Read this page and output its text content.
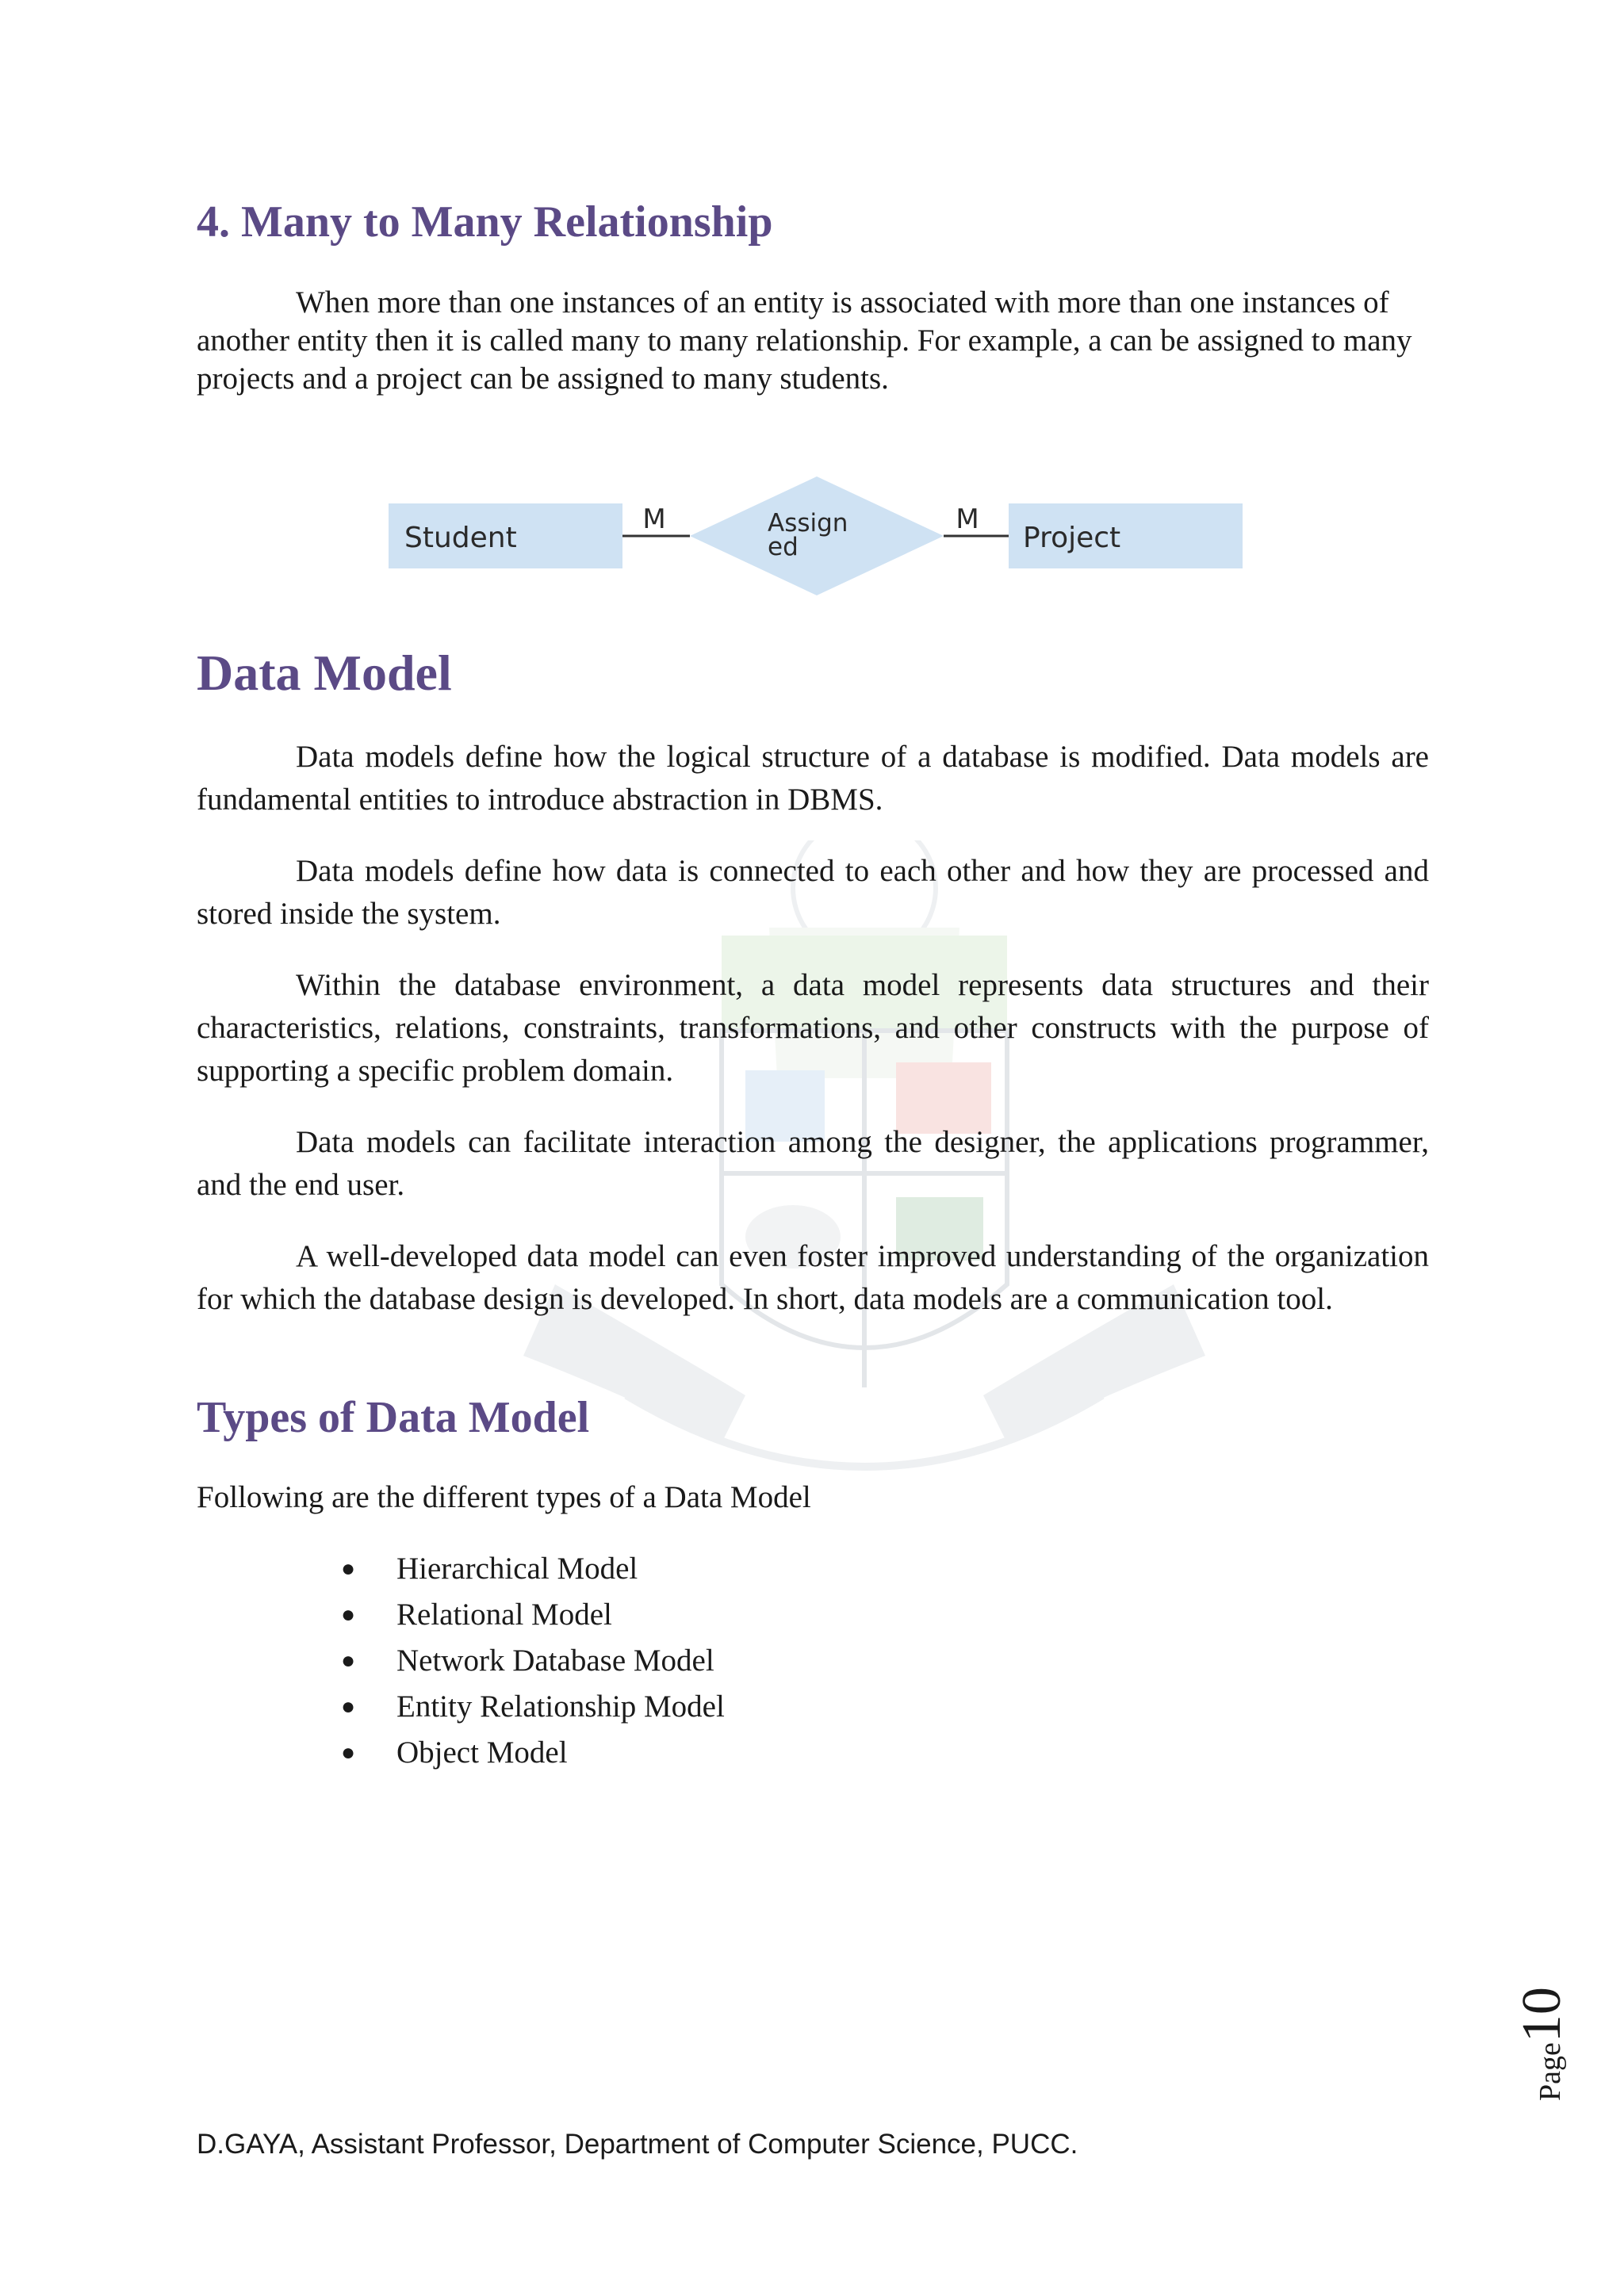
4. Many to Many Relationship

When more than one instances of an entity is associated with more than one instances of another entity then it is called many to many relationship. For example, a can be assigned to many projects and a project can be assigned to many students.

Student
M	Assign
ed
M
Project
Data Model

Data models define how the logical structure of a database is modified. Data models are fundamental entities to introduce abstraction in DBMS.

Data models define how data is connected to each other and how they are processed and stored inside the system.

Within the database environment, a data model represents data structures and their characteristics, relations, constraints, transformations, and other constructs with the purpose of supporting a specific problem domain.

Data models can facilitate interaction among the designer, the applications programmer, and the end user.

A well-developed data model can even foster improved understanding of the organization for which the database design is developed. In short, data models are a communication tool.

Types of Data Model

Following are the different types of a Data Model

●	Hierarchical Model
●	Relational Model
●	Network Database Model
●	Entity Relationship Model
●	Object Model
Page10

D.GAYA, Assistant Professor, Department of Computer Science, PUCC.
